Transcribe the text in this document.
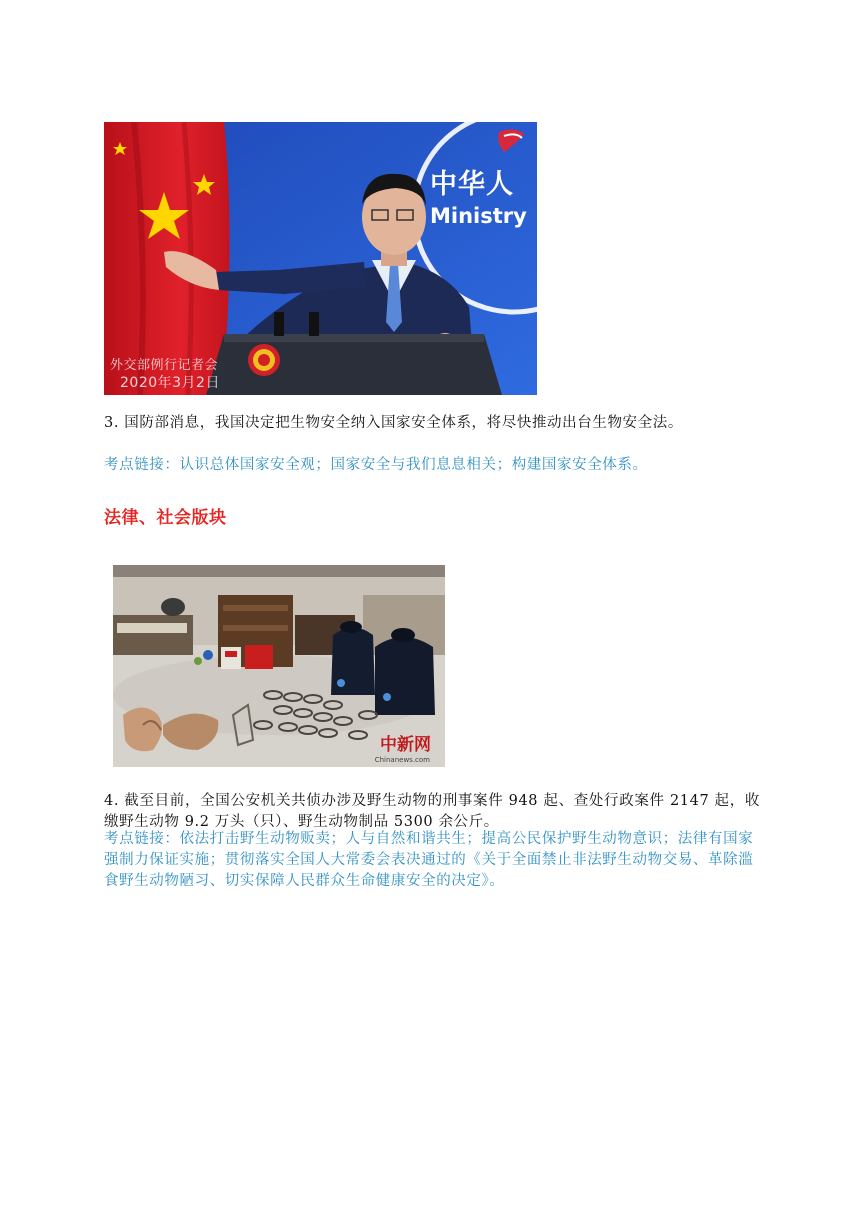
中华人
Ministry
外交部例行记者会
2020年3月2日
3. 国防部消息，我国决定把生物安全纳入国家安全体系，将尽快推动出台生物安全法。
考点链接：认识总体国家安全观；国家安全与我们息息相关；构建国家安全体系。
法律、社会版块
中新网
Chinanews.com
4. 截至目前，全国公安机关共侦办涉及野生动物的刑事案件 948 起、查处行政案件 2147 起，收缴野生动物 9.2 万头（只）、野生动物制品 5300 余公斤。
考点链接：依法打击野生动物贩卖；人与自然和谐共生；提高公民保护野生动物意识；法律有国家强制力保证实施；贯彻落实全国人大常委会表决通过的《关于全面禁止非法野生动物交易、革除滥食野生动物陋习、切实保障人民群众生命健康安全的决定》。
